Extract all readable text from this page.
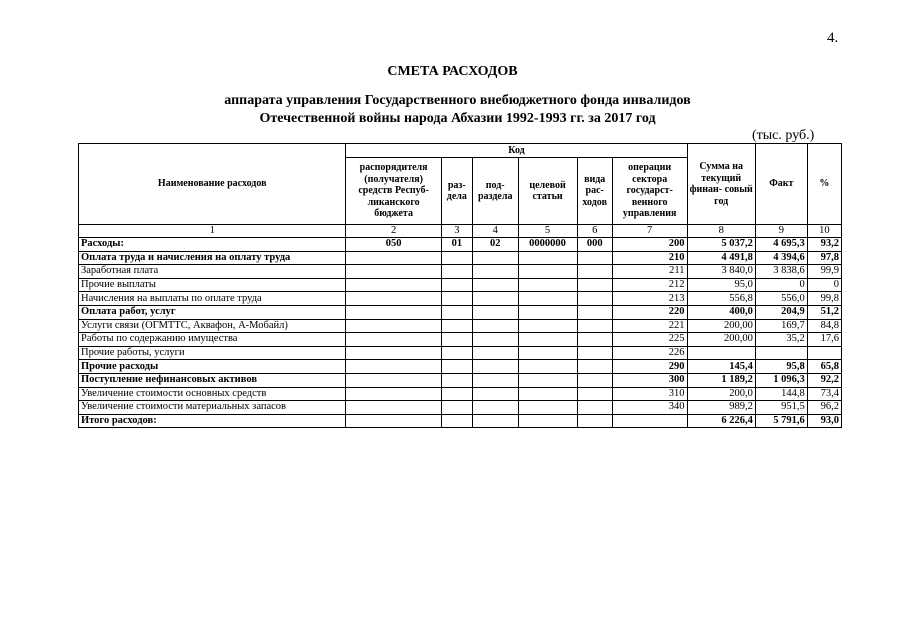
4.
СМЕТА РАСХОДОВ
аппарата управления Государственного внебюджетного фонда инвалидов
Отечественной войны народа Абхазии 1992-1993 гг. за 2017 год
(тыс. руб.)
Наименование расходов	Код						Сумма на текущий финан- совый год	Факт	%
	распорядителя (получателя) средств Респуб- ликанского бюджета	раз- дела	под- раздела	целевой статьи	вида рас- ходов	операции сектора государст- венного управления			
1	2	3	4	5	6	7	8	9	10
Расходы:	050	01	02	0000000	000	200	5 037,2	4 695,3	93,2
Оплата труда и начисления на оплату труда						210	4 491,8	4 394,6	97,8
Заработная плата						211	3 840,0	3 838,6	99,9
Прочие выплаты						212	95,0	0	0
Начисления на выплаты по оплате труда						213	556,8	556,0	99,8
Оплата работ, услуг						220	400,0	204,9	51,2
Услуги связи (ОГМТТС, Аквафон, А-Мобайл)						221	200,00	169,7	84,8
Работы по содержанию имущества						225	200,00	35,2	17,6
Прочие работы, услуги						226			
Прочие расходы						290	145,4	95,8	65,8
Поступление нефинансовых активов						300	1 189,2	1 096,3	92,2
Увеличение стоимости основных средств						310	200,0	144,8	73,4
Увеличение стоимости материальных запасов						340	989,2	951,5	96,2
Итого расходов:							6 226,4	5 791,6	93,0
